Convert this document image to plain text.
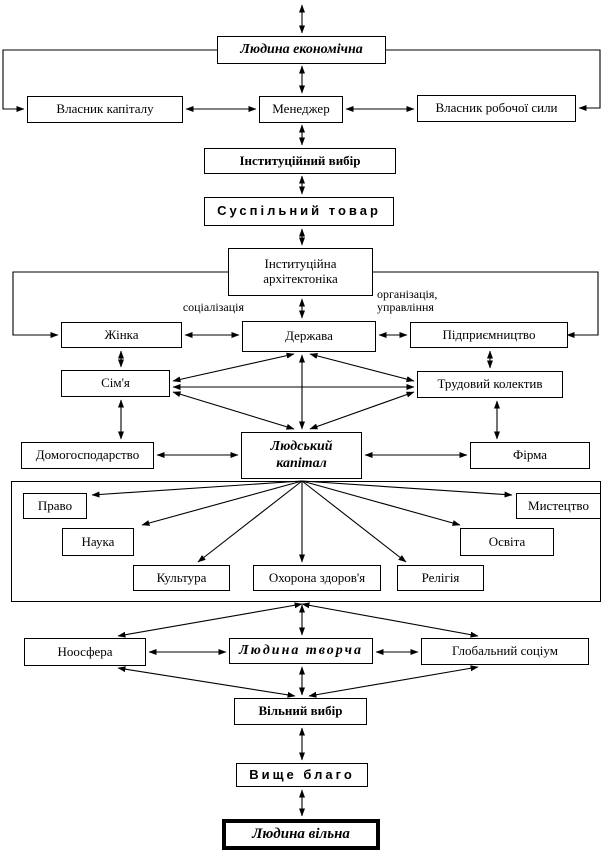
Людина економічна
Власник капіталу	Менеджер	Власник робочої сили
Інституційний вибір
Суспільний товар
Інституційна архітектоніка
соціалізація
організація, управління
Жінка	Держава	Підприємництво
Сім'я	Трудовий колектив
Домогосподарство
Людський капітал
Фірма
Право	Мистецтво
Наука	Освіта
Культура	Охорона здоров'я	Релігія
Ноосфера	Людина творча	Глобальний соціум
Вільний вибір
Вище благо
Людина вільна
